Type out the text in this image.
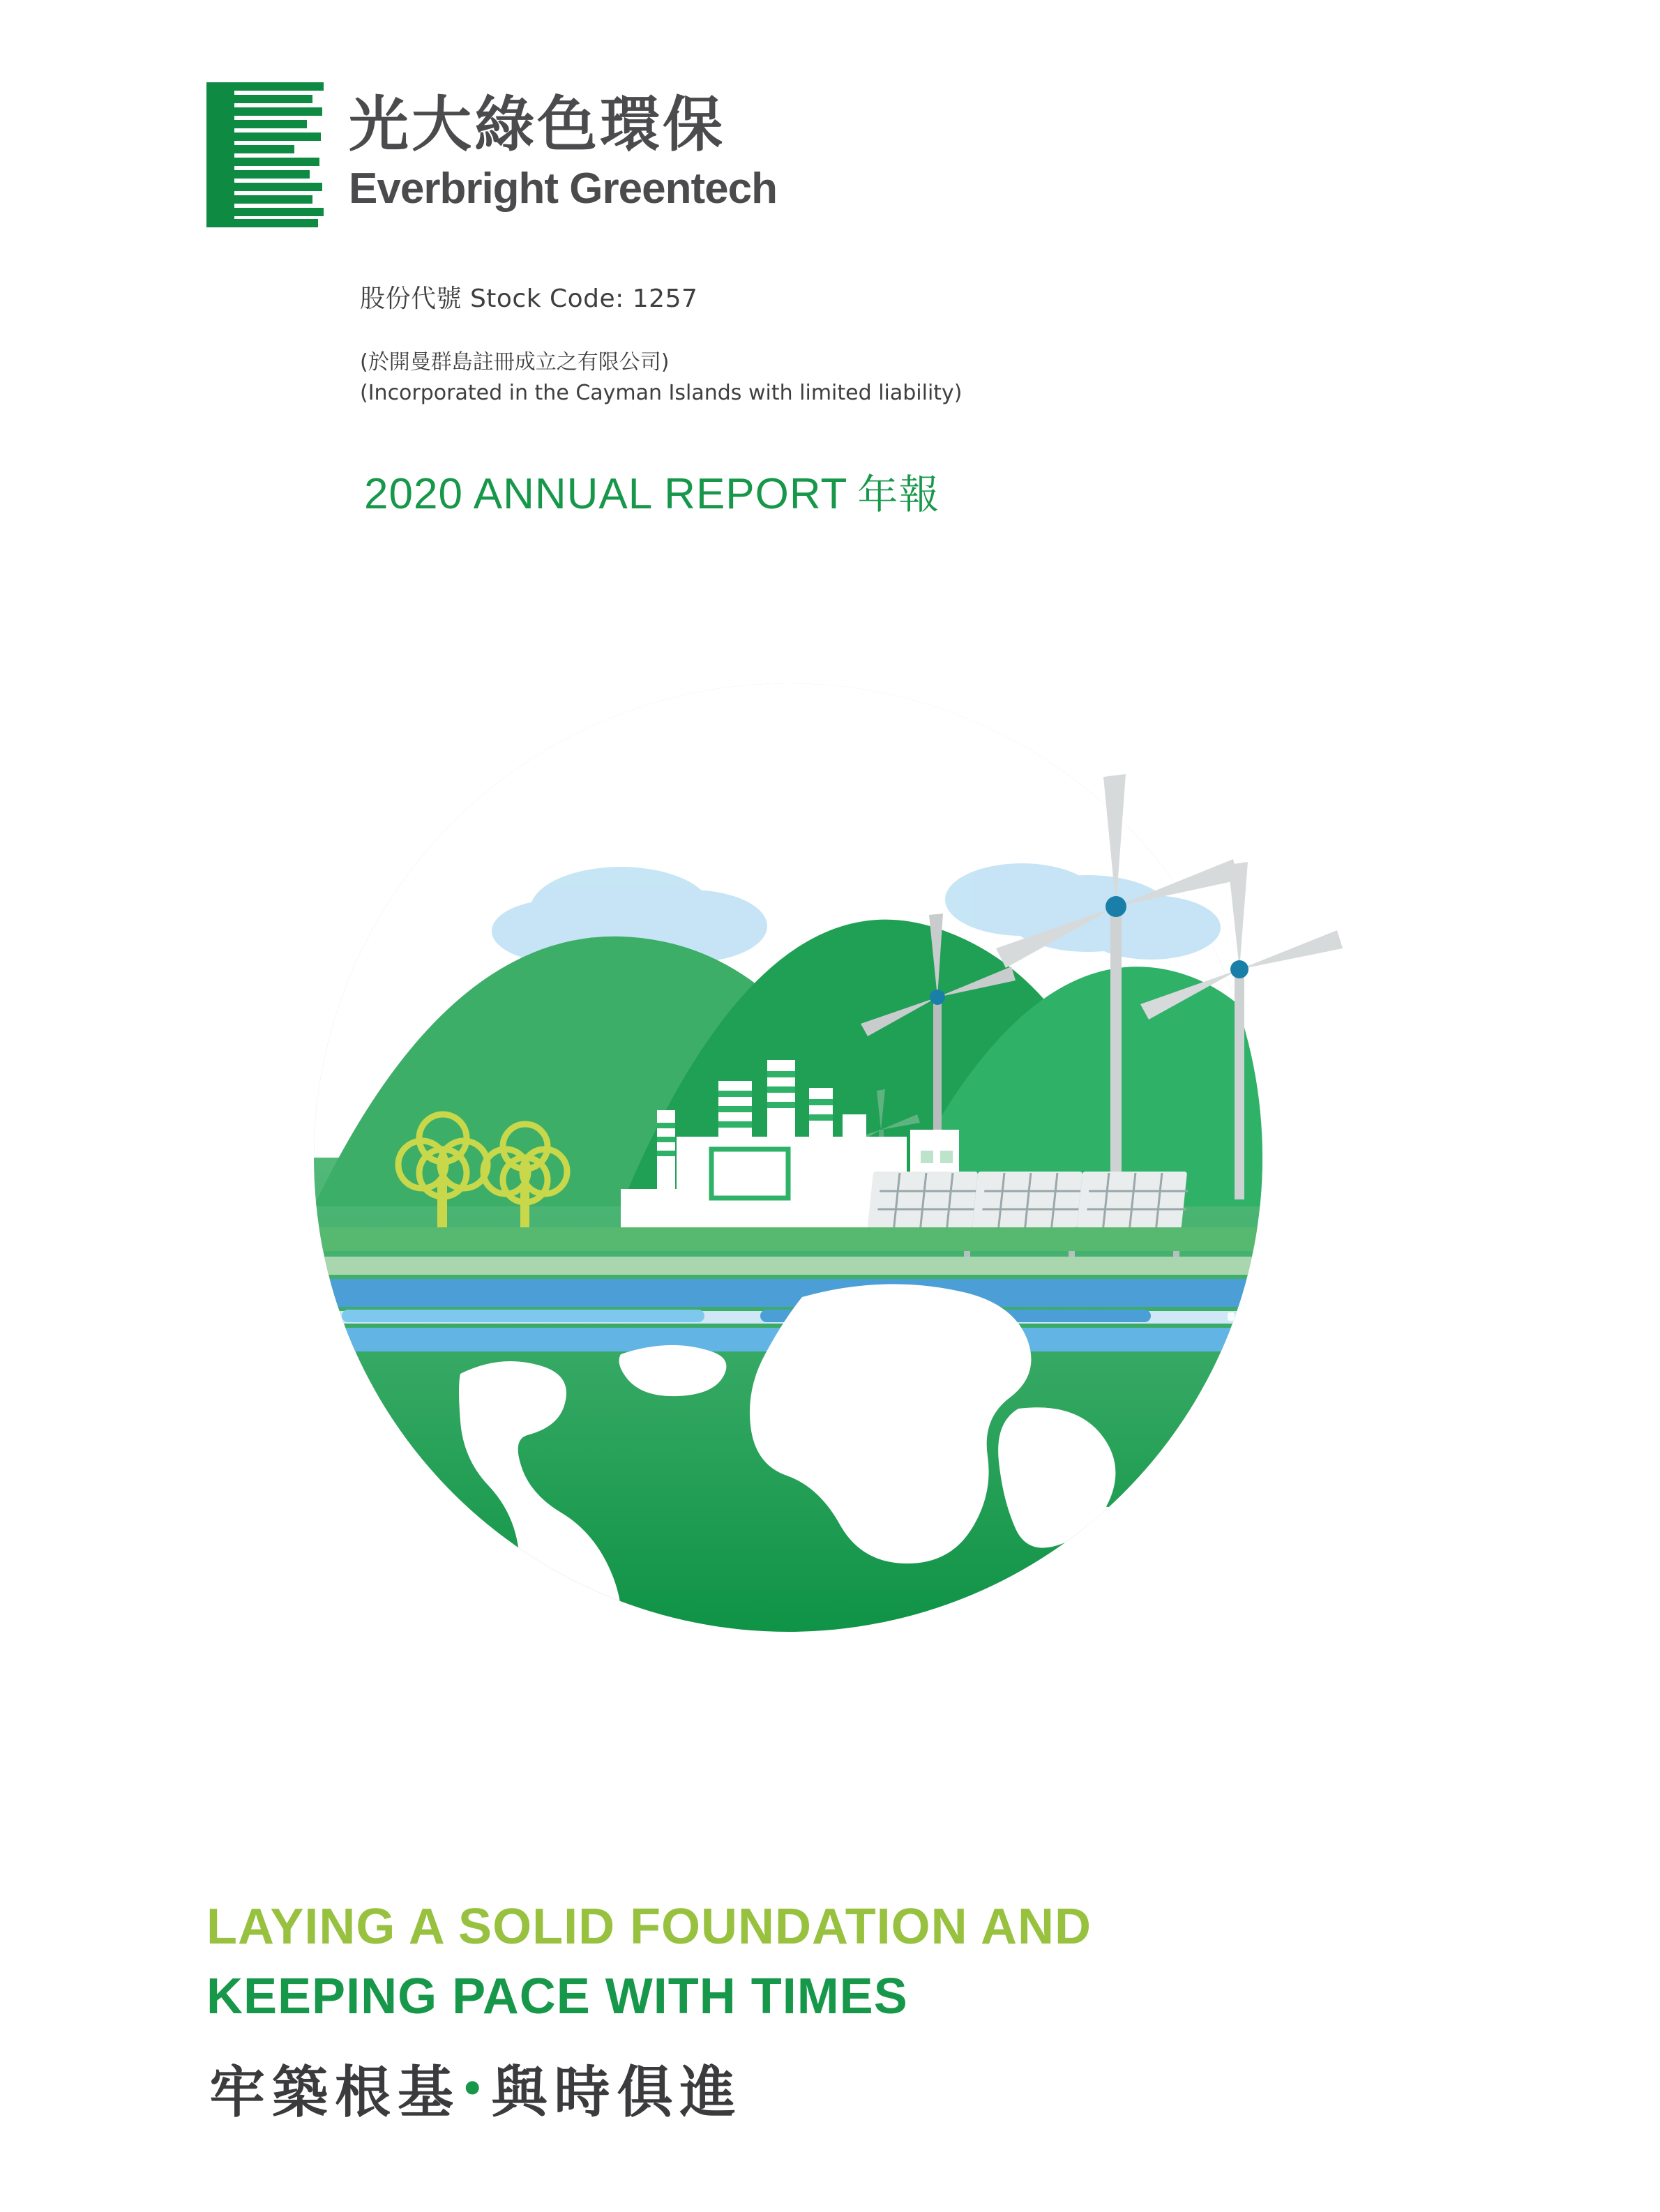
光大綠色環保
Everbright Greentech
股份代號 Stock Code: 1257
(於開曼群島註冊成立之有限公司)
(Incorporated in the Cayman Islands with limited liability)
2020 ANNUAL REPORT 年報
LAYING A SOLID FOUNDATION AND
KEEPING PACE WITH TIMES
牢築根基•與時俱進
